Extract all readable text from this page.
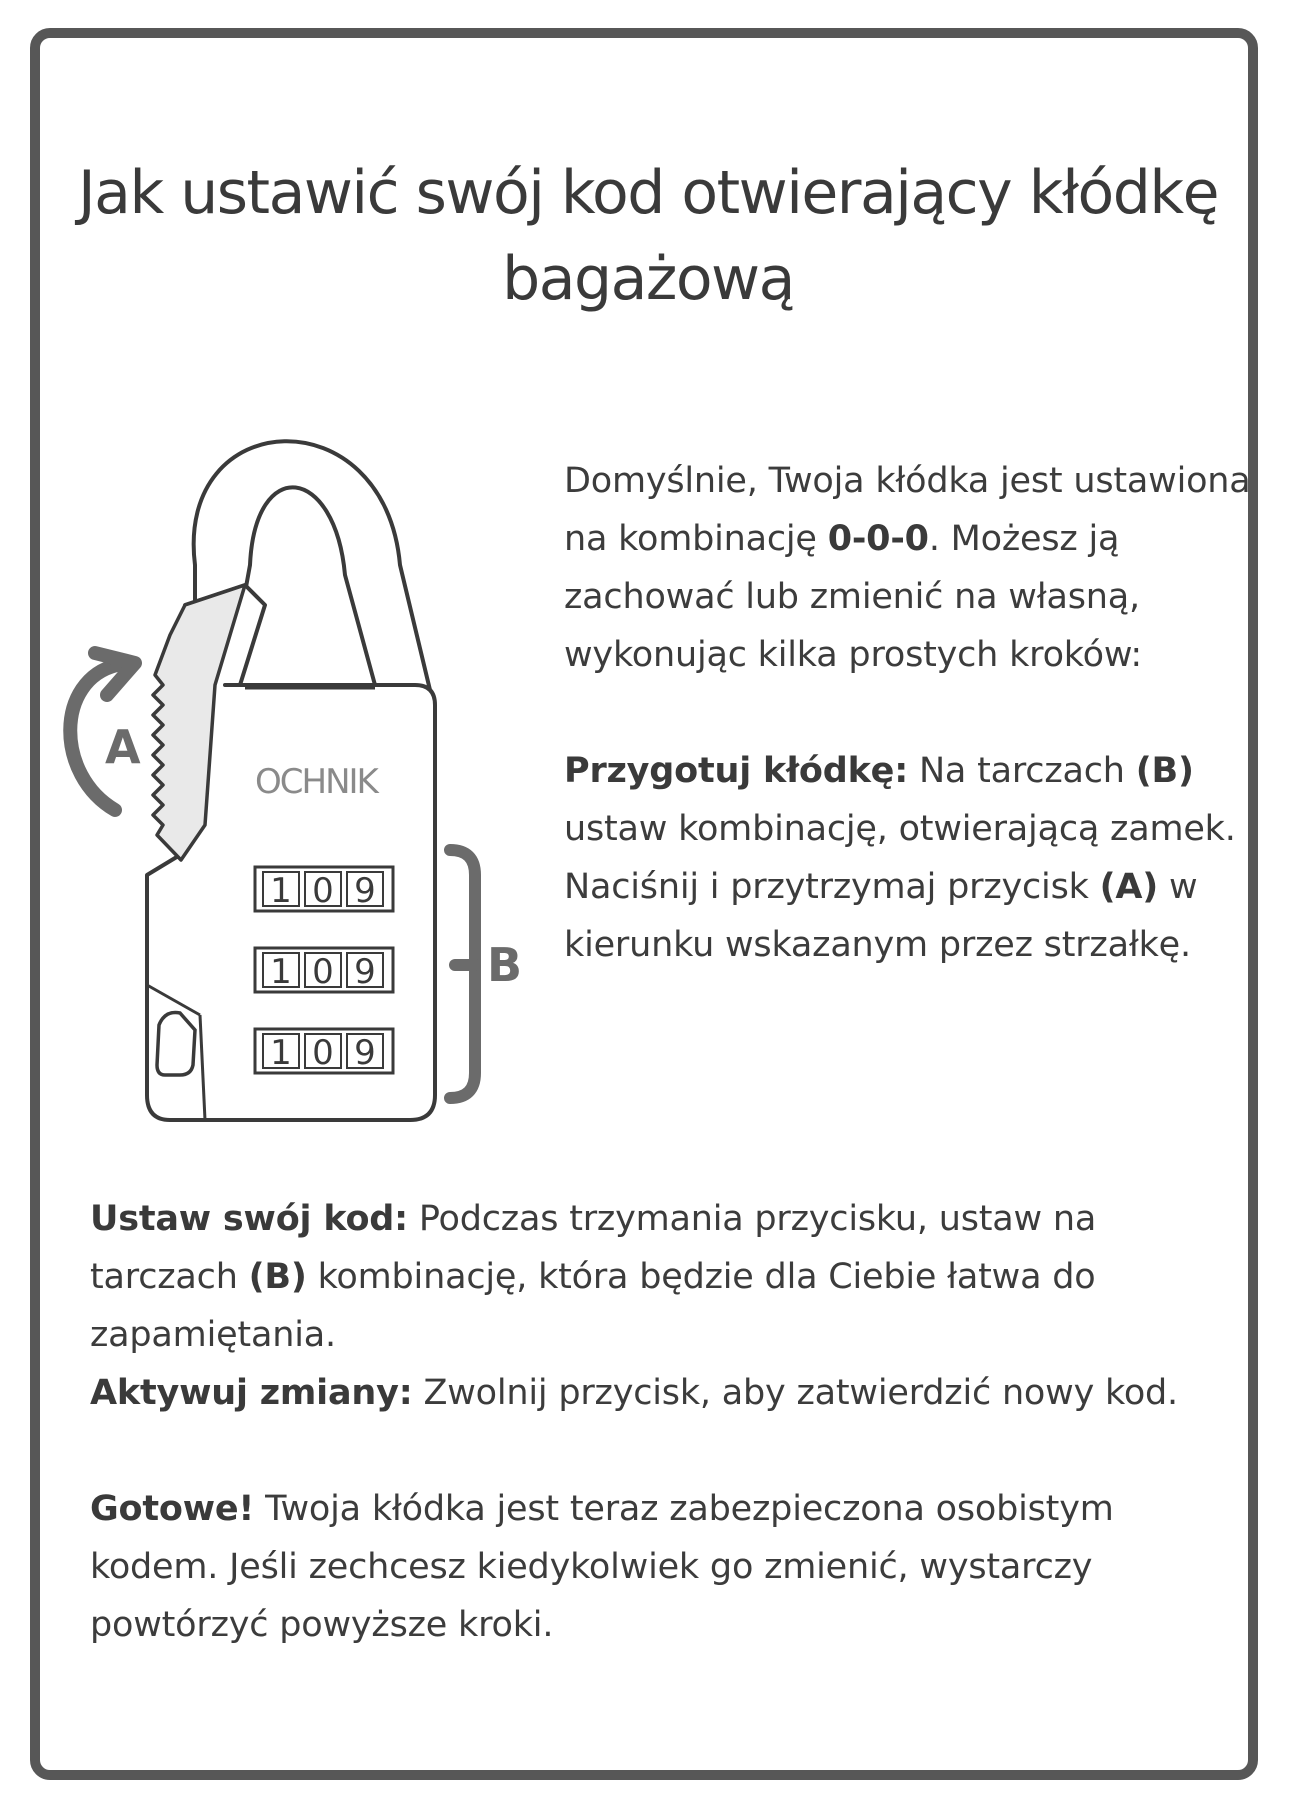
Jak ustawić swój kod otwierający kłódkę bagażową
OCHNIK
1 0 9
1 0 9
1 0 9
A
B
Domyślnie, Twoja kłódka jest ustawiona na kombinację 0-0-0. Możesz ją zachować lub zmienić na własną, wykonując kilka prostych kroków:
Przygotuj kłódkę: Na tarczach (B) ustaw kombinację, otwierającą zamek.
Naciśnij i przytrzymaj przycisk (A) w kierunku wskazanym przez strzałkę.
Ustaw swój kod: Podczas trzymania przycisku, ustaw na tarczach (B) kombinację, która będzie dla Ciebie łatwa do zapamiętania.
Aktywuj zmiany: Zwolnij przycisk, aby zatwierdzić nowy kod.
Gotowe! Twoja kłódka jest teraz zabezpieczona osobistym kodem. Jeśli zechcesz kiedykolwiek go zmienić, wystarczy powtórzyć powyższe kroki.
